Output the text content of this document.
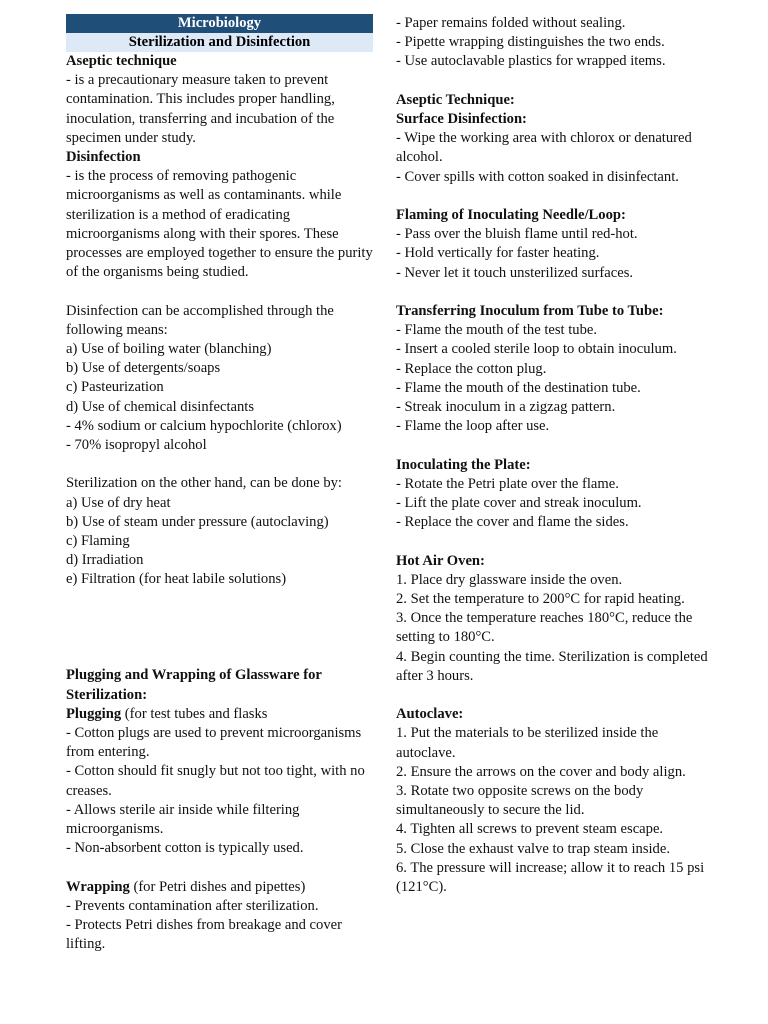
Microbiology
Sterilization and Disinfection
Aseptic technique
- is a precautionary measure taken to prevent contamination. This includes proper handling, inoculation, transferring and incubation of the specimen under study.
Disinfection
- is the process of removing pathogenic microorganisms as well as contaminants. while sterilization is a method of eradicating microorganisms along with their spores. These processes are employed together to ensure the purity of the organisms being studied.
Disinfection can be accomplished through the following means:
a) Use of boiling water (blanching)
b) Use of detergents/soaps
c) Pasteurization
d) Use of chemical disinfectants
- 4% sodium or calcium hypochlorite (chlorox)
- 70% isopropyl alcohol
Sterilization on the other hand, can be done by:
a) Use of dry heat
b) Use of steam under pressure (autoclaving)
c) Flaming
d) Irradiation
e) Filtration (for heat labile solutions)
Plugging and Wrapping of Glassware for Sterilization:
Plugging (for test tubes and flasks
- Cotton plugs are used to prevent microorganisms from entering.
- Cotton should fit snugly but not too tight, with no creases.
- Allows sterile air inside while filtering microorganisms.
- Non-absorbent cotton is typically used.
Wrapping (for Petri dishes and pipettes)
- Prevents contamination after sterilization.
- Protects Petri dishes from breakage and cover lifting.
- Paper remains folded without sealing.
- Pipette wrapping distinguishes the two ends.
- Use autoclavable plastics for wrapped items.
Aseptic Technique:
Surface Disinfection:
- Wipe the working area with chlorox or denatured alcohol.
- Cover spills with cotton soaked in disinfectant.
Flaming of Inoculating Needle/Loop:
- Pass over the bluish flame until red-hot.
- Hold vertically for faster heating.
- Never let it touch unsterilized surfaces.
Transferring Inoculum from Tube to Tube:
- Flame the mouth of the test tube.
- Insert a cooled sterile loop to obtain inoculum.
- Replace the cotton plug.
- Flame the mouth of the destination tube.
- Streak inoculum in a zigzag pattern.
- Flame the loop after use.
Inoculating the Plate:
- Rotate the Petri plate over the flame.
- Lift the plate cover and streak inoculum.
- Replace the cover and flame the sides.
Hot Air Oven:
1. Place dry glassware inside the oven.
2. Set the temperature to 200°C for rapid heating.
3. Once the temperature reaches 180°C, reduce the setting to 180°C.
4. Begin counting the time. Sterilization is completed after 3 hours.
Autoclave:
1. Put the materials to be sterilized inside the autoclave.
2. Ensure the arrows on the cover and body align.
3. Rotate two opposite screws on the body simultaneously to secure the lid.
4. Tighten all screws to prevent steam escape.
5. Close the exhaust valve to trap steam inside.
6. The pressure will increase; allow it to reach 15 psi (121°C).
